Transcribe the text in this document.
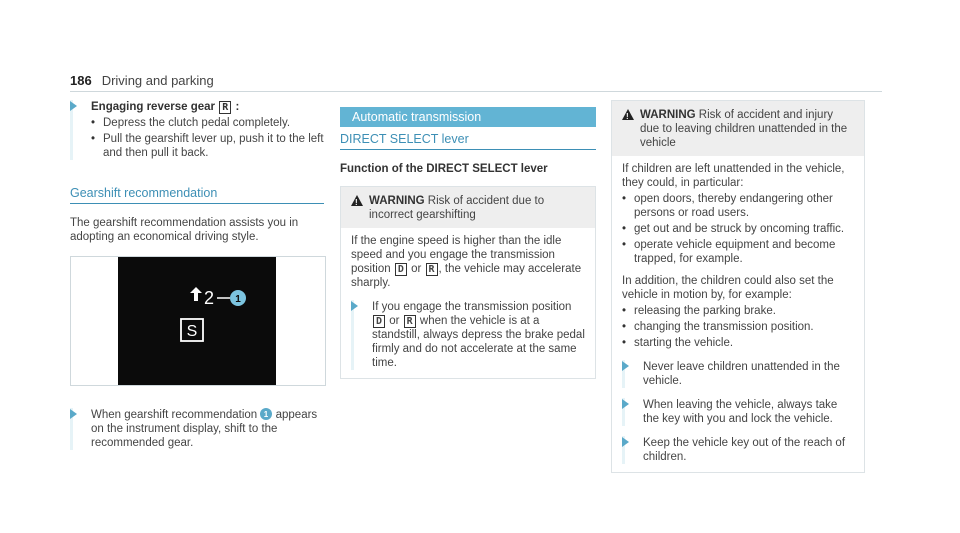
186 Driving and parking
Engaging reverse gear R :
• Depress the clutch pedal completely.
• Pull the gearshift lever up, push it to the left and then pull it back.
Gearshift recommendation
The gearshift recommendation assists you in adopting an economical driving style.
2 1
S
When gearshift recommendation 1 appears on the instrument display, shift to the recommended gear.
Automatic transmission
DIRECT SELECT lever
Function of the DIRECT SELECT lever
!
WARNING Risk of accident due to incorrect gearshifting
If the engine speed is higher than the idle speed and you engage the transmission position D or R , the vehicle may accelerate sharply.
If you engage the transmission position D or R when the vehicle is at a standstill, always depress the brake pedal firmly and do not accelerate at the same time.
!
WARNING Risk of accident and injury due to leaving children unattended in the vehicle
If children are left unattended in the vehicle, they could, in particular:
• open doors, thereby endangering other persons or road users.
• get out and be struck by oncoming traffic.
• operate vehicle equipment and become trapped, for example.
In addition, the children could also set the vehicle in motion by, for example:
• releasing the parking brake.
• changing the transmission position.
• starting the vehicle.
Never leave children unattended in the vehicle.
When leaving the vehicle, always take the key with you and lock the vehicle.
Keep the vehicle key out of the reach of children.
